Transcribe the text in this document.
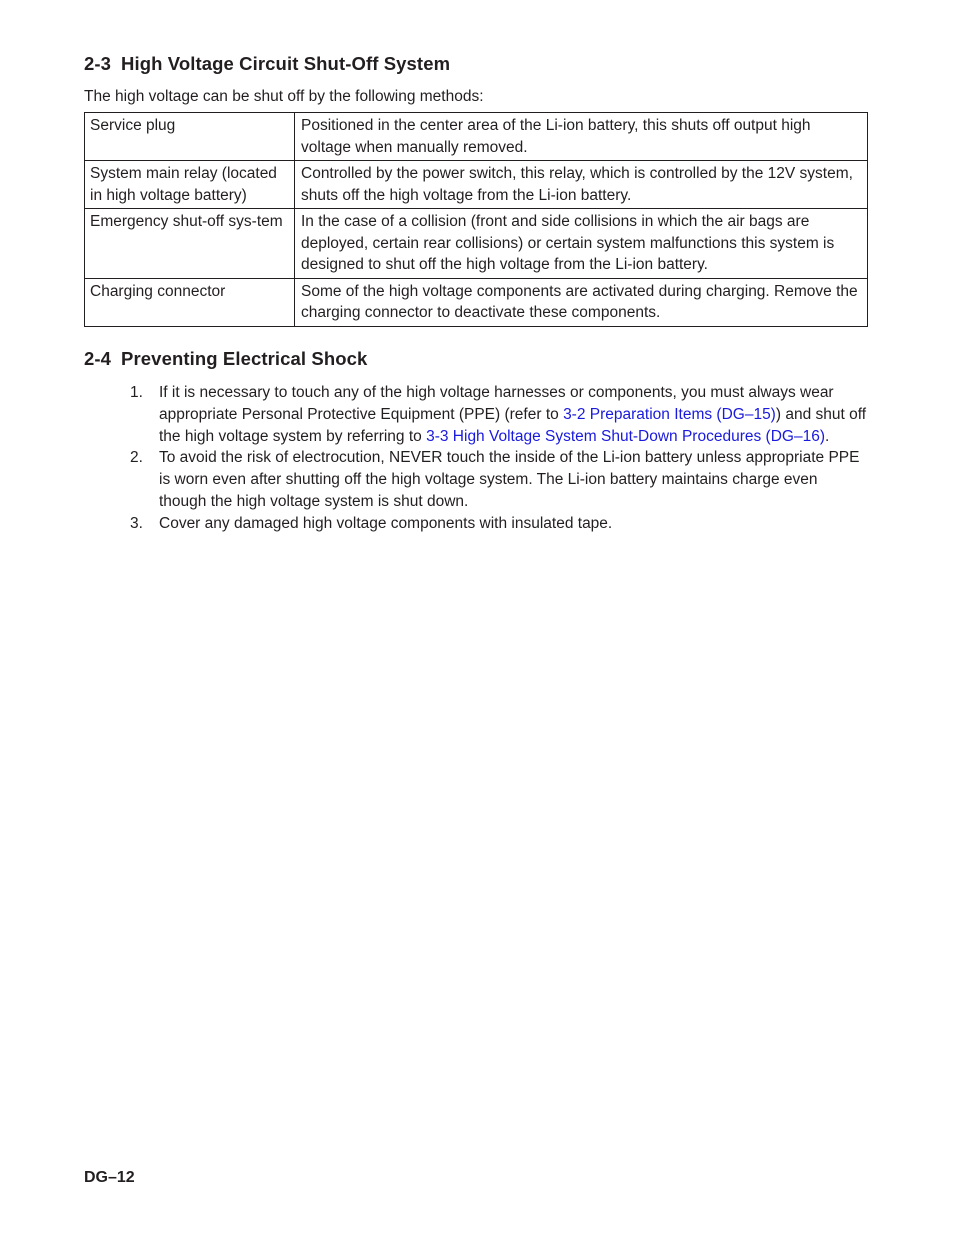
2-3 High Voltage Circuit Shut-Off System

The high voltage can be shut off by the following methods:

Service plug	Positioned in the center area of the Li-ion battery, this shuts off output high voltage when manually removed.
System main relay (located in high voltage battery)	Controlled by the power switch, this relay, which is controlled by the 12V system, shuts off the high voltage from the Li-ion battery.
Emergency shut-off sys-tem	In the case of a collision (front and side collisions in which the air bags are deployed, certain rear collisions) or certain system malfunctions this system is designed to shut off the high voltage from the Li-ion battery.
Charging connector	Some of the high voltage components are activated during charging. Remove the charging connector to deactivate these components.
2-4 Preventing Electrical Shock
1. If it is necessary to touch any of the high voltage harnesses or components, you must always wear appropriate Personal Protective Equipment (PPE) (refer to 3-2 Preparation Items (DG–15)) and shut off the high voltage system by referring to 3-3 High Voltage System Shut-Down Procedures (DG–16).
2. To avoid the risk of electrocution, NEVER touch the inside of the Li-ion battery unless appropriate PPE is worn even after shutting off the high voltage system. The Li-ion battery maintains charge even though the high voltage system is shut down.
3. Cover any damaged high voltage components with insulated tape.
DG–12
